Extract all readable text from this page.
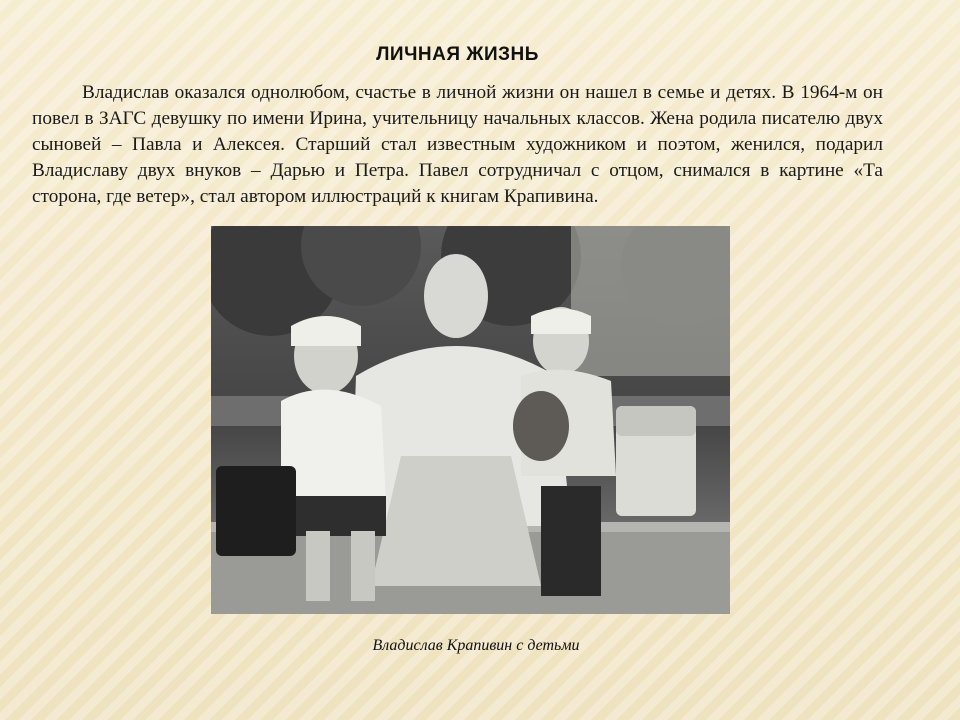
ЛИЧНАЯ ЖИЗНЬ

Владислав оказался однолюбом, счастье в личной жизни он нашел в семье и детях. В 1964-м он повел в ЗАГС девушку по имени Ирина, учительницу начальных классов. Жена родила писателю двух сыновей – Павла и Алексея. Старший стал известным художником и поэтом, женился, подарил Владиславу двух внуков – Дарью и Петра. Павел сотрудничал с отцом, снимался в картине «Та сторона, где ветер», стал автором иллюстраций к книгам Крапивина.

Владислав Крапивин с детьми
